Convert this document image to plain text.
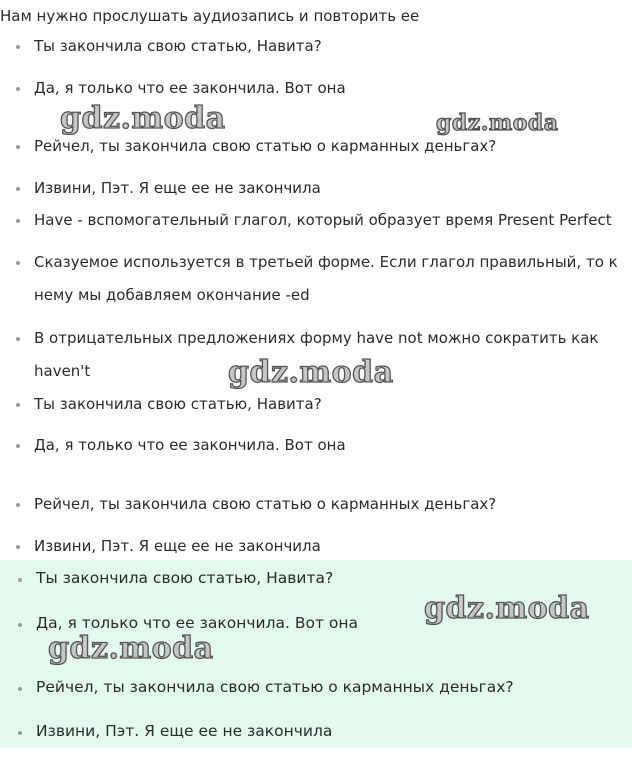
Нам нужно прослушать аудиозапись и повторить ее
Ты закончила свою статью, Навита?
Да, я только что ее закончила. Вот она
Рейчел, ты закончила свою статью о карманных деньгах?
Извини, Пэт. Я еще ее не закончила
Have - вспомогательный глагол, который образует время Present Perfect
Сказуемое используется в третьей форме. Если глагол правильный, то к
нему мы добавляем окончание -ed
В отрицательных предложениях форму have not можно сократить как
haven't
Ты закончила свою статью, Навита?
Да, я только что ее закончила. Вот она
Рейчел, ты закончила свою статью о карманных деньгах?
Извини, Пэт. Я еще ее не закончила
Ты закончила свою статью, Навита?
Да, я только что ее закончила. Вот она
Рейчел, ты закончила свою статью о карманных деньгах?
Извини, Пэт. Я еще ее не закончила
gdz.moda	gdz.moda
gdz.moda
gdz.moda
gdz.moda
